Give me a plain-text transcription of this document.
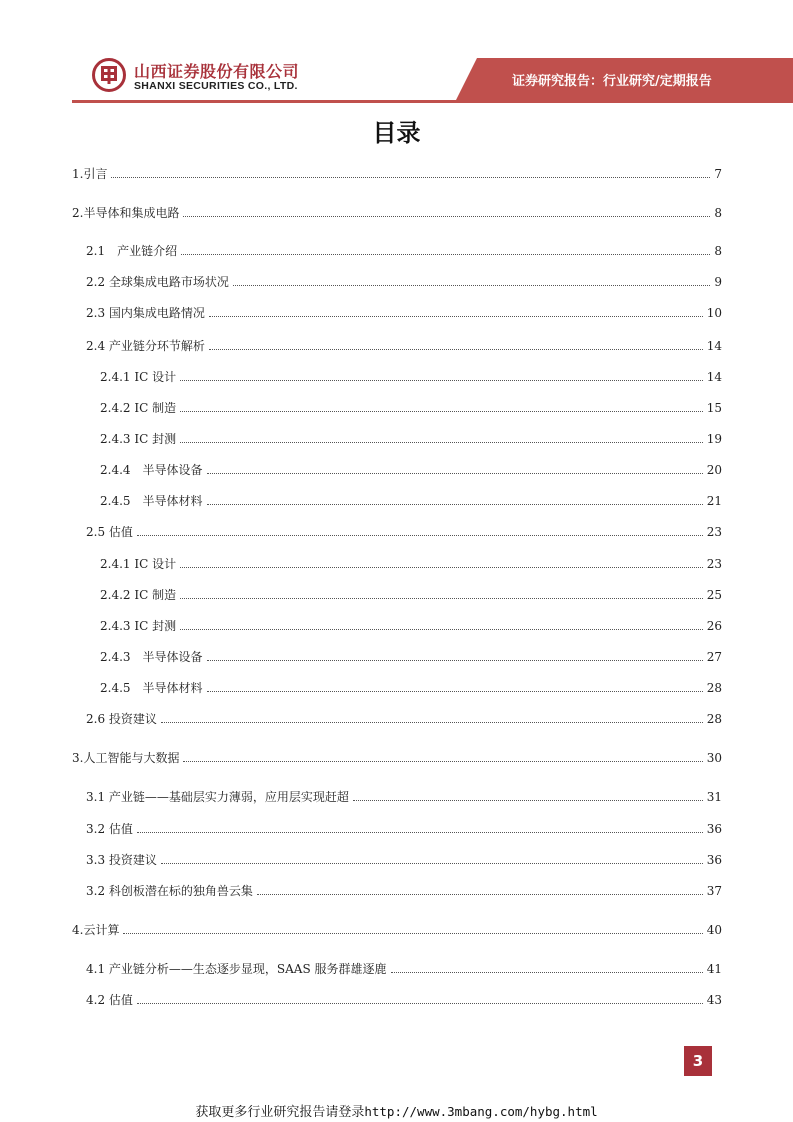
山西证券股份有限公司
SHANXI SECURITIES CO., LTD.	证券研究报告：行业研究/定期报告
目录
1.引言	7
2.半导体和集成电路	8
2.1　产业链介绍	8
2.2 全球集成电路市场状况	9
2.3 国内集成电路情况	10
2.4 产业链分环节解析	14
2.4.1 IC 设计	14
2.4.2 IC 制造	15
2.4.3 IC 封测	19
2.4.4　半导体设备	20
2.4.5　半导体材料	21
2.5 估值	23
2.4.1 IC 设计	23
2.4.2 IC 制造	25
2.4.3 IC 封测	26
2.4.3　半导体设备	27
2.4.5　半导体材料	28
2.6 投资建议	28
3.人工智能与大数据	30
3.1 产业链——基础层实力薄弱，应用层实现赶超	31
3.2 估值	36
3.3 投资建议	36
3.2 科创板潜在标的独角兽云集	37
4.云计算	40
4.1 产业链分析——生态逐步显现，SAAS 服务群雄逐鹿	41
4.2 估值	43
3
获取更多行业研究报告请登录http://www.3mbang.com/hybg.html
